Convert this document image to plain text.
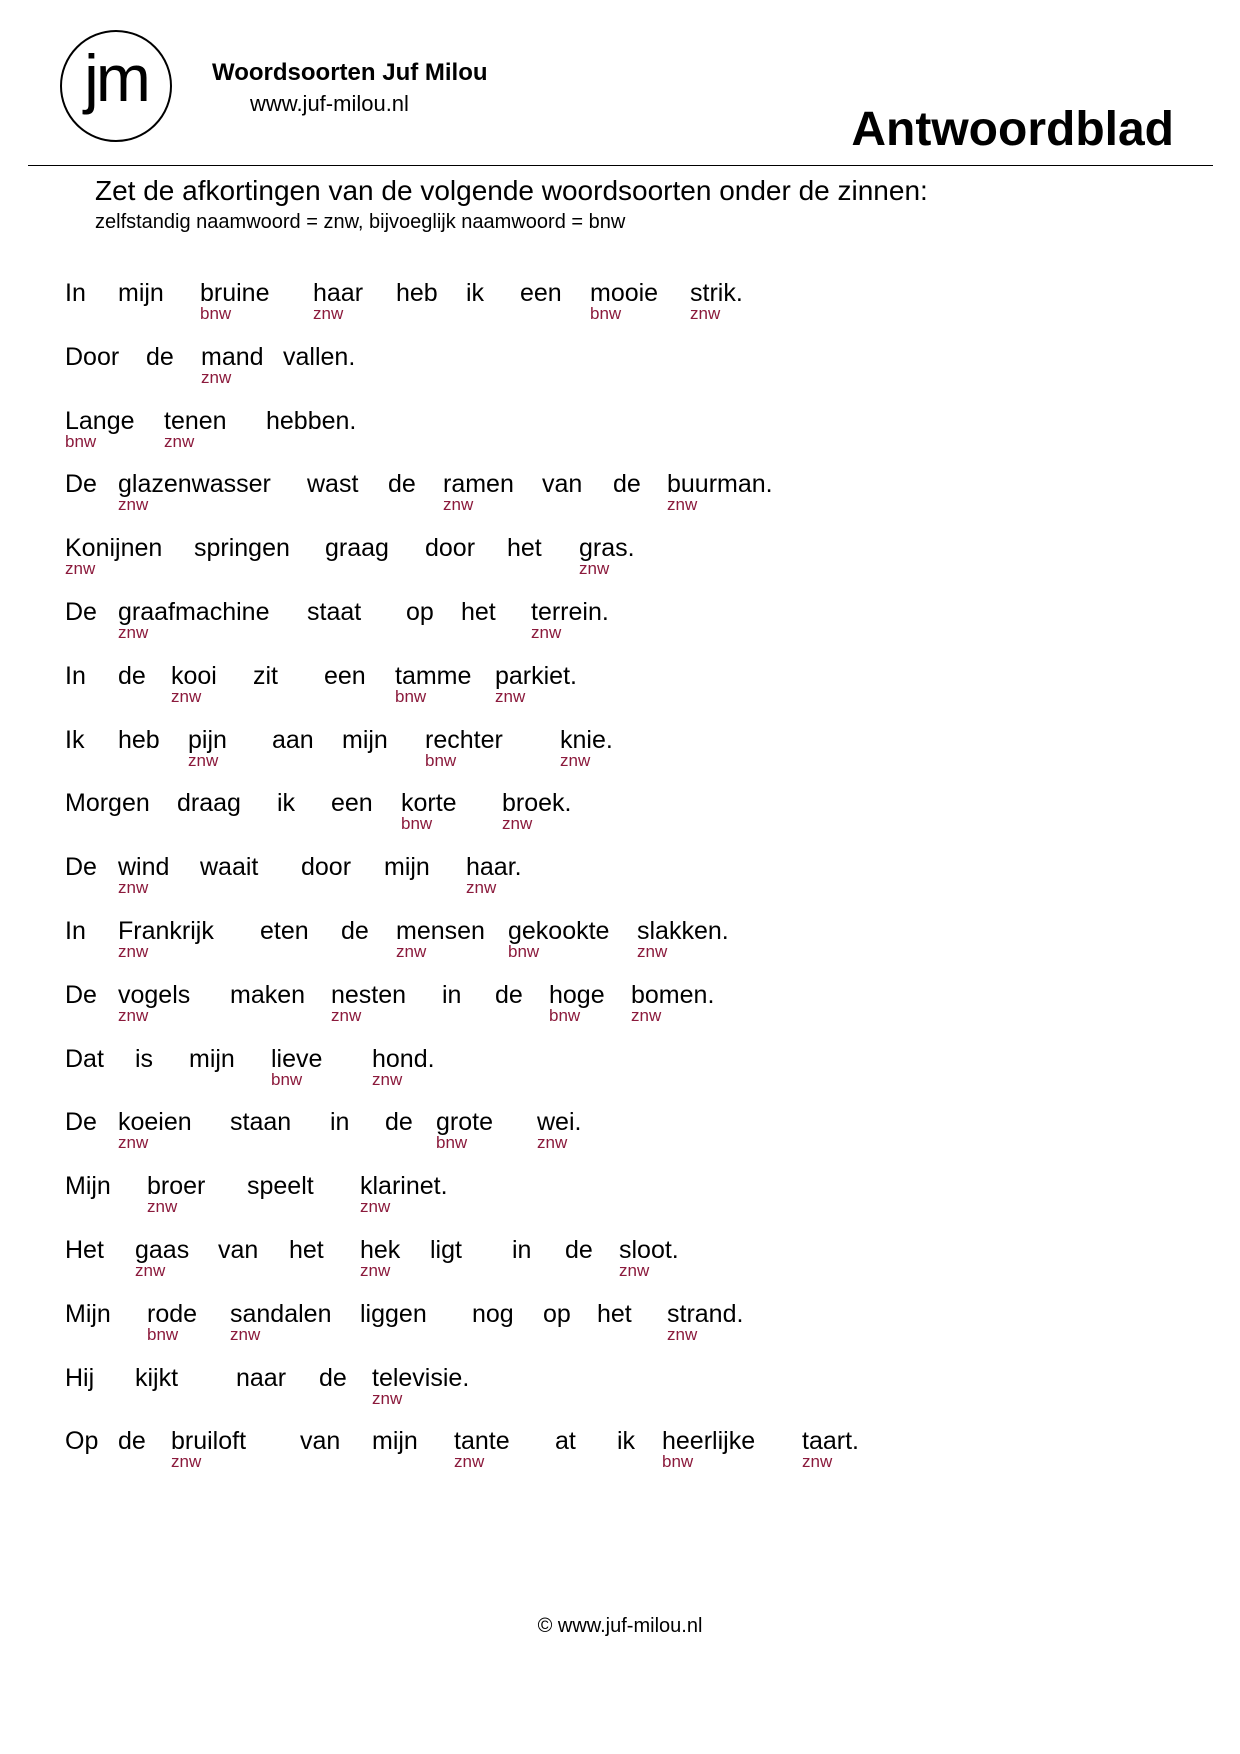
jm	Woordsoorten Juf Milou
www.juf-milou.nl	Antwoordblad
Zet de afkortingen van de volgende woordsoorten onder de zinnen:
zelfstandig naamwoord = znw, bijvoeglijk naamwoord = bnw
In mijn bruine
bnw
haar
znw
heb ik een mooie
bnw
strik.
znw
Door de mand
znw
vallen.
Lange
bnw
tenen
znw
hebben.
De glazenwasser
znw
wast de ramen
znw
van de buurman.
znw
Konijnen
znw
springen graag door het gras.
znw
De graafmachine
znw
staat op het terrein.
znw
In de kooi
znw
zit een tamme
bnw
parkiet.
znw
Ik heb pijn
znw
aan mijn rechter
bnw
knie.
znw
Morgen draag ik een korte
bnw
broek.
znw
De wind
znw
waait door mijn haar.
znw
In Frankrijk
znw
eten de mensen
znw
gekookte
bnw
slakken.
znw
De vogels
znw
maken nesten
znw
in de hoge
bnw
bomen.
znw
Dat is mijn lieve
bnw
hond.
znw
De koeien
znw
staan in de grote
bnw
wei.
znw
Mijn broer
znw
speelt klarinet.
znw
Het gaas
znw
van het hek
znw
ligt in de sloot.
znw
Mijn rode
bnw
sandalen
znw
liggen nog op het strand.
znw
Hij kijkt naar de televisie.
znw
Op de bruiloft
znw
van mijn tante
znw
at ik heerlijke
bnw
taart.
znw
© www.juf-milou.nl
